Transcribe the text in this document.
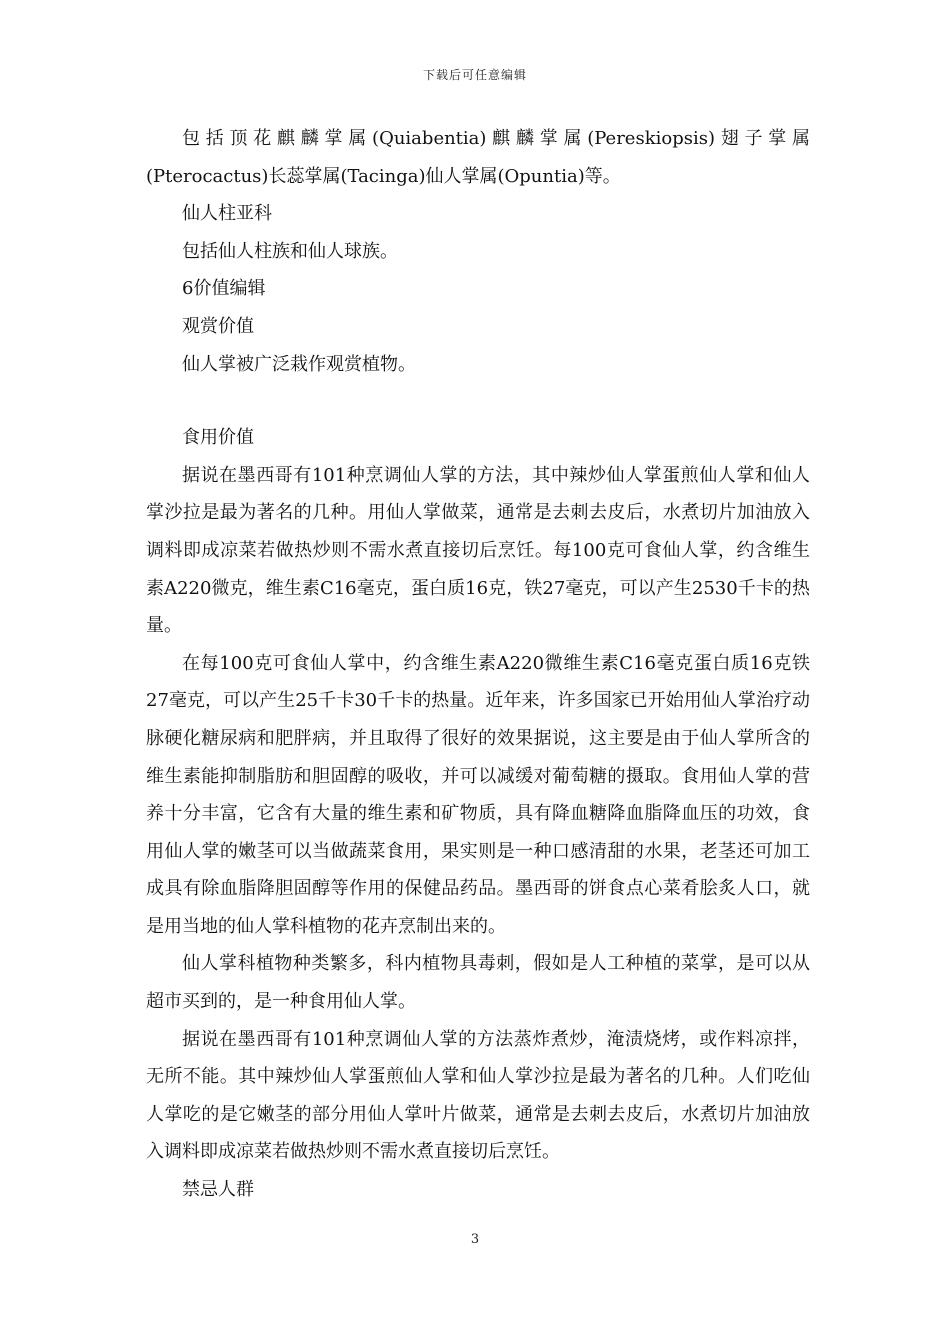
下载后可任意编辑

包括顶花麒麟掌属(Quiabentia)麒麟掌属(Pereskiopsis)翅子掌属(Pterocactus)长蕊掌属(Tacinga)仙人掌属(Opuntia)等。

仙人柱亚科

包括仙人柱族和仙人球族。

6价值编辑

观赏价值

仙人掌被广泛栽作观赏植物。

食用价值

据说在墨西哥有101种烹调仙人掌的方法，其中辣炒仙人掌蛋煎仙人掌和仙人掌沙拉是最为著名的几种。用仙人掌做菜，通常是去刺去皮后，水煮切片加油放入调料即成凉菜若做热炒则不需水煮直接切后烹饪。每100克可食仙人掌，约含维生素A220微克，维生素C16毫克，蛋白质16克，铁27毫克，可以产生2530千卡的热量。

在每100克可食仙人掌中，约含维生素A220微维生素C16毫克蛋白质16克铁27毫克，可以产生25千卡30千卡的热量。近年来，许多国家已开始用仙人掌治疗动脉硬化糖尿病和肥胖病，并且取得了很好的效果据说，这主要是由于仙人掌所含的维生素能抑制脂肪和胆固醇的吸收，并可以减缓对葡萄糖的摄取。食用仙人掌的营养十分丰富，它含有大量的维生素和矿物质，具有降血糖降血脂降血压的功效，食用仙人掌的嫩茎可以当做蔬菜食用，果实则是一种口感清甜的水果，老茎还可加工成具有除血脂降胆固醇等作用的保健品药品。墨西哥的饼食点心菜肴脍炙人口，就是用当地的仙人掌科植物的花卉烹制出来的。

仙人掌科植物种类繁多，科内植物具毒刺，假如是人工种植的菜掌，是可以从超市买到的，是一种食用仙人掌。

据说在墨西哥有101种烹调仙人掌的方法蒸炸煮炒，淹渍烧烤，或作料凉拌，无所不能。其中辣炒仙人掌蛋煎仙人掌和仙人掌沙拉是最为著名的几种。人们吃仙人掌吃的是它嫩茎的部分用仙人掌叶片做菜，通常是去刺去皮后，水煮切片加油放入调料即成凉菜若做热炒则不需水煮直接切后烹饪。

禁忌人群

3
